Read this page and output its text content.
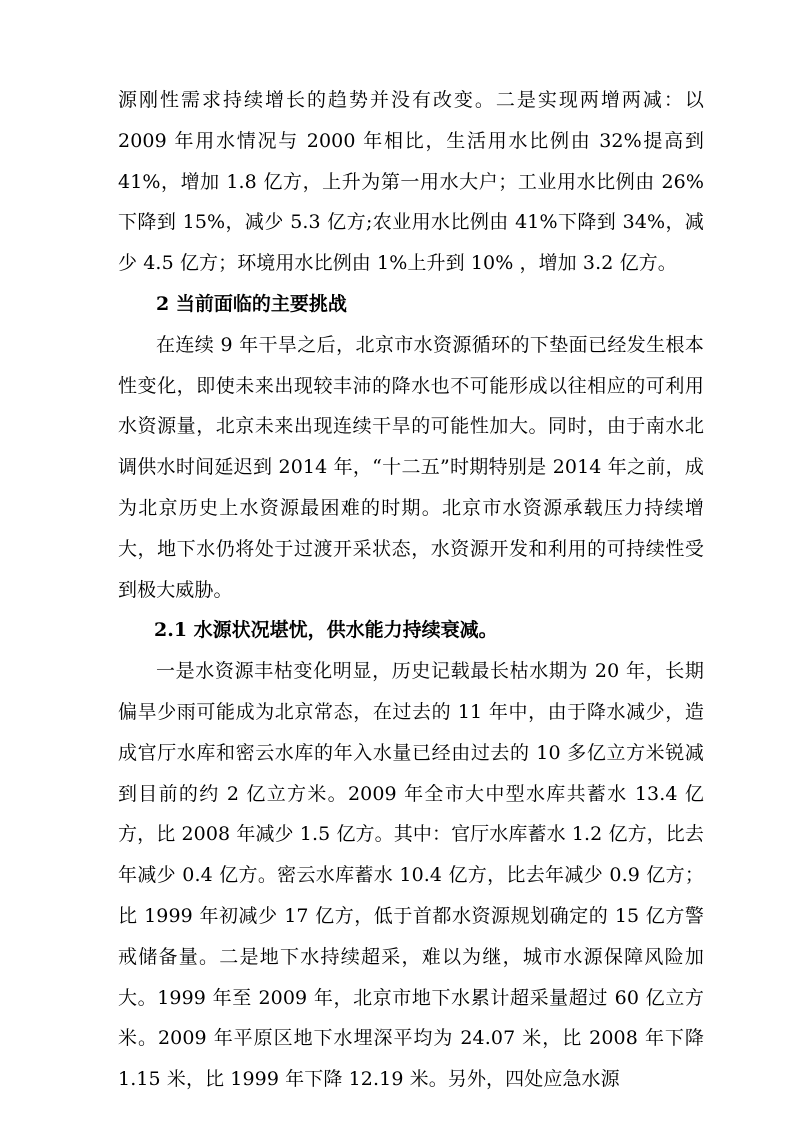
源刚性需求持续增长的趋势并没有改变。二是实现两增两减：以 2009 年用水情况与 2000 年相比，生活用水比例由 32%提高到 41%，增加 1.8 亿方，上升为第一用水大户；工业用水比例由 26%下降到 15%，减少 5.3 亿方;农业用水比例由 41%下降到 34%，减少 4.5 亿方；环境用水比例由 1%上升到 10% ，增加 3.2 亿方。

2 当前面临的主要挑战

在连续 9 年干旱之后，北京市水资源循环的下垫面已经发生根本性变化，即使未来出现较丰沛的降水也不可能形成以往相应的可利用水资源量，北京未来出现连续干旱的可能性加大。同时，由于南水北调供水时间延迟到 2014 年，“十二五”时期特别是 2014 年之前，成为北京历史上水资源最困难的时期。北京市水资源承载压力持续增大，地下水仍将处于过渡开采状态，水资源开发和利用的可持续性受到极大威胁。

2.1 水源状况堪忧，供水能力持续衰减。

一是水资源丰枯变化明显，历史记载最长枯水期为 20 年，长期偏旱少雨可能成为北京常态，在过去的 11 年中，由于降水减少，造成官厅水库和密云水库的年入水量已经由过去的 10 多亿立方米锐减到目前的约 2 亿立方米。2009 年全市大中型水库共蓄水 13.4 亿方，比 2008 年减少 1.5 亿方。其中：官厅水库蓄水 1.2 亿方，比去年减少 0.4 亿方。密云水库蓄水 10.4 亿方，比去年减少 0.9 亿方；比 1999 年初减少 17 亿方，低于首都水资源规划确定的 15 亿方警戒储备量。二是地下水持续超采，难以为继，城市水源保障风险加大。1999 年至 2009 年，北京市地下水累计超采量超过 60 亿立方米。2009 年平原区地下水埋深平均为 24.07 米，比 2008 年下降 1.15 米，比 1999 年下降 12.19 米。另外，四处应急水源
